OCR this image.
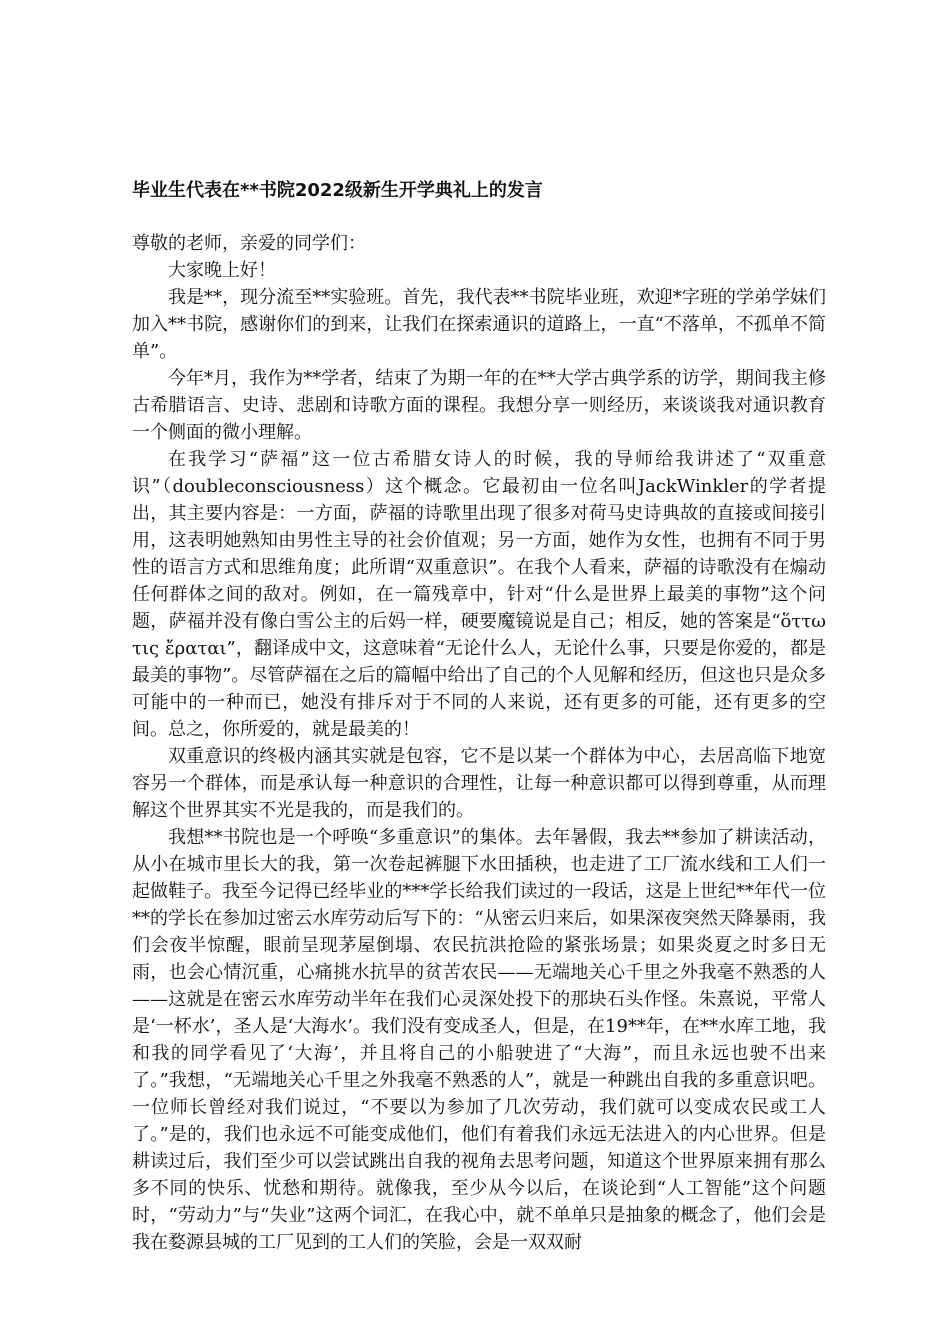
毕业生代表在**书院2022级新生开学典礼上的发言

尊敬的老师，亲爱的同学们：

大家晚上好！

我是**，现分流至**实验班。首先，我代表**书院毕业班，欢迎*字班的学弟学妹们加入**书院，感谢你们的到来，让我们在探索通识的道路上，一直“不落单，不孤单不简单”。

今年*月，我作为**学者，结束了为期一年的在**大学古典学系的访学，期间我主修古希腊语言、史诗、悲剧和诗歌方面的课程。我想分享一则经历，来谈谈我对通识教育一个侧面的微小理解。

在我学习“萨福”这一位古希腊女诗人的时候，我的导师给我讲述了“双重意识”（doubleconsciousness）这个概念。它最初由一位名叫JackWinkler的学者提出，其主要内容是：一方面，萨福的诗歌里出现了很多对荷马史诗典故的直接或间接引用，这表明她熟知由男性主导的社会价值观；另一方面，她作为女性，也拥有不同于男性的语言方式和思维角度；此所谓“双重意识”。在我个人看来，萨福的诗歌没有在煽动任何群体之间的敌对。例如，在一篇残章中，针对“什么是世界上最美的事物”这个问题，萨福并没有像白雪公主的后妈一样，硬要魔镜说是自己；相反，她的答案是“ὅττω τις ἔραται”，翻译成中文，这意味着“无论什么人，无论什么事，只要是你爱的，都是最美的事物”。尽管萨福在之后的篇幅中给出了自己的个人见解和经历，但这也只是众多可能中的一种而已，她没有排斥对于不同的人来说，还有更多的可能，还有更多的空间。总之，你所爱的，就是最美的！

双重意识的终极内涵其实就是包容，它不是以某一个群体为中心，去居高临下地宽容另一个群体，而是承认每一种意识的合理性，让每一种意识都可以得到尊重，从而理解这个世界其实不光是我的，而是我们的。

我想**书院也是一个呼唤“多重意识”的集体。去年暑假，我去**参加了耕读活动，从小在城市里长大的我，第一次卷起裤腿下水田插秧，也走进了工厂流水线和工人们一起做鞋子。我至今记得已经毕业的***学长给我们读过的一段话，这是上世纪**年代一位**的学长在参加过密云水库劳动后写下的：“从密云归来后，如果深夜突然天降暴雨，我们会夜半惊醒，眼前呈现茅屋倒塌、农民抗洪抢险的紧张场景；如果炎夏之时多日无雨，也会心情沉重，心痛挑水抗旱的贫苦农民——无端地关心千里之外我毫不熟悉的人——这就是在密云水库劳动半年在我们心灵深处投下的那块石头作怪。朱熹说，平常人是‘一杯水’，圣人是‘大海水’。我们没有变成圣人，但是，在19**年，在**水库工地，我和我的同学看见了‘大海’，并且将自己的小船驶进了“大海”，而且永远也驶不出来了。”我想，“无端地关心千里之外我毫不熟悉的人”，就是一种跳出自我的多重意识吧。一位师长曾经对我们说过，“不要以为参加了几次劳动，我们就可以变成农民或工人了。”是的，我们也永远不可能变成他们，他们有着我们永远无法进入的内心世界。但是耕读过后，我们至少可以尝试跳出自我的视角去思考问题，知道这个世界原来拥有那么多不同的快乐、忧愁和期待。就像我，至少从今以后，在谈论到“人工智能”这个问题时，“劳动力”与“失业”这两个词汇，在我心中，就不单单只是抽象的概念了，他们会是我在婺源县城的工厂见到的工人们的笑脸，会是一双双耐
